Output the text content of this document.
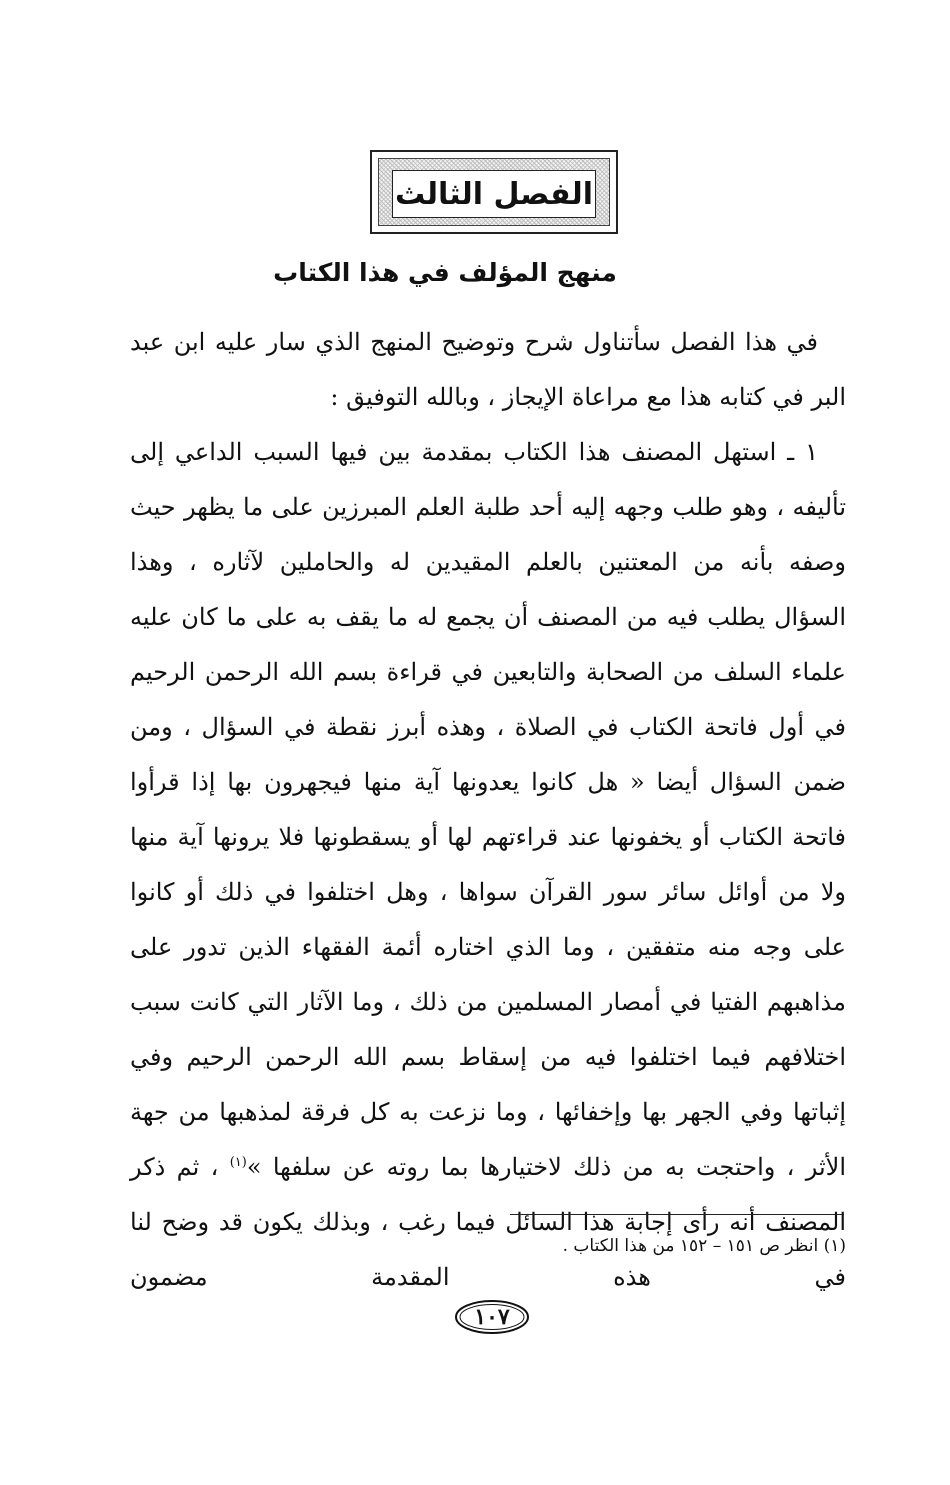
الفصل الثالث
منهج المؤلف في هذا الكتاب

في هذا الفصل سأتناول شرح وتوضيح المنهج الذي سار عليه ابن عبد البر في كتابه هذا مع مراعاة الإيجاز ، وبالله التوفيق :

١ ـ استهل المصنف هذا الكتاب بمقدمة بين فيها السبب الداعي إلى تأليفه ، وهو طلب وجهه إليه أحد طلبة العلم المبرزين على ما يظهر حيث وصفه بأنه من المعتنين بالعلم المقيدين له والحاملين لآثاره ، وهذا السؤال يطلب فيه من المصنف أن يجمع له ما يقف به على ما كان عليه علماء السلف من الصحابة والتابعين في قراءة بسم الله الرحمن الرحيم في أول فاتحة الكتاب في الصلاة ، وهذه أبرز نقطة في السؤال ، ومن ضمن السؤال أيضا « هل كانوا يعدونها آية منها فيجهرون بها إذا قرأوا فاتحة الكتاب أو يخفونها عند قراءتهم لها أو يسقطونها فلا يرونها آية منها ولا من أوائل سائر سور القرآن سواها ، وهل اختلفوا في ذلك أو كانوا على وجه منه متفقين ، وما الذي اختاره أئمة الفقهاء الذين تدور على مذاهبهم الفتيا في أمصار المسلمين من ذلك ، وما الآثار التي كانت سبب اختلافهم فيما اختلفوا فيه من إسقاط بسم الله الرحمن الرحيم وفي إثباتها وفي الجهر بها وإخفائها ، وما نزعت به كل فرقة لمذهبها من جهة الأثر ، واحتجت به من ذلك لاختيارها بما روته عن سلفها »$^{(١)}$ ، ثم ذكر المصنف أنه رأى إجابة هذا السائل فيما رغب ، وبذلك يكون قد وضح لنا في هذه المقدمة مضمون

(١) انظر ص ١٥١ – ١٥٢ من هذا الكتاب .
١٠٧
